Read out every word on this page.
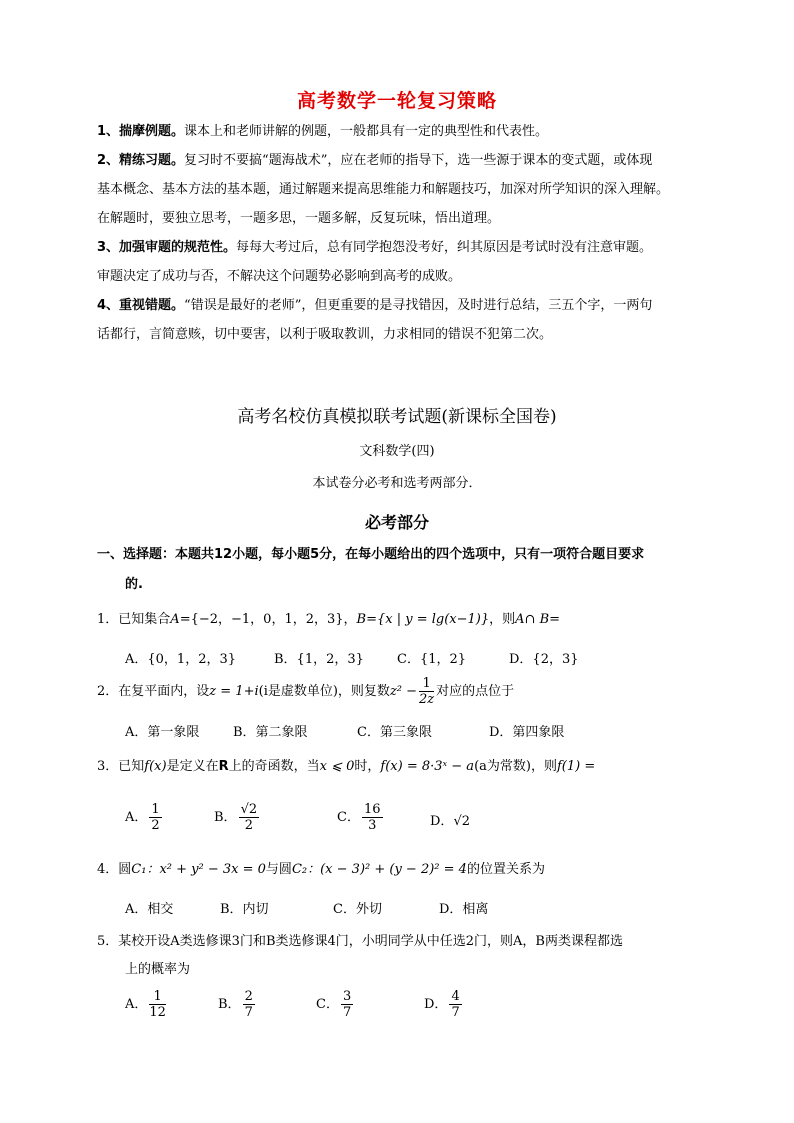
高考数学一轮复习策略
1、揣摩例题。课本上和老师讲解的例题，一般都具有一定的典型性和代表性。
2、精练习题。复习时不要搞“题海战术”，应在老师的指导下，选一些源于课本的变式题，或体现
基本概念、基本方法的基本题，通过解题来提高思维能力和解题技巧，加深对所学知识的深入理解。
在解题时，要独立思考，一题多思，一题多解，反复玩味，悟出道理。
3、加强审题的规范性。每每大考过后，总有同学抱怨没考好，纠其原因是考试时没有注意审题。
审题决定了成功与否，不解决这个问题势必影响到高考的成败。
4、重视错题。“错误是最好的老师”，但更重要的是寻找错因，及时进行总结，三五个字，一两句
话都行，言简意赅，切中要害，以利于吸取教训，力求相同的错误不犯第二次。
高考名校仿真模拟联考试题(新课标全国卷)
文科数学(四)
本试卷分必考和选考两部分．
必考部分
一、选择题：本题共12小题，每小题5分，在每小题给出的四个选项中，只有一项符合题目要求
的.
1．已知集合A={−2，−1，0，1，2，3}，B={x | y = lg(x−1)}，则A∩ B=
A．{0，1，2，3}	B．{1，2，3}	C．{1，2}	D．{2，3}
2．在复平面内，设z = 1+i(i是虚数单位)，则复数$z^2 - \frac{1}{2z}$ 对应的点位于
A．第一象限	B．第二象限	C．第三象限	D．第四象限
3．已知f(x)是定义在R上的奇函数，当x ⩽ 0时，f(x) = 8·3ˣ − a(a为常数)，则f(1) =
A． $\frac{1}{2}$	B． $\frac{√2}{2}$	C． $\frac{16}{3}$	D．√2
4．圆C₁：x² + y² − 3x = 0与圆C₂：(x − 3)² + (y − 2)² = 4的位置关系为
A．相交	B．内切	C．外切	D．相离
5．某校开设A类选修课3门和B类选修课4门，小明同学从中任选2门，则A，B两类课程都选
上的概率为
A． $\frac{1}{12}$	B． $\frac{2}{7}$	C． $\frac{3}{7}$	D． $\frac{4}{7}$
